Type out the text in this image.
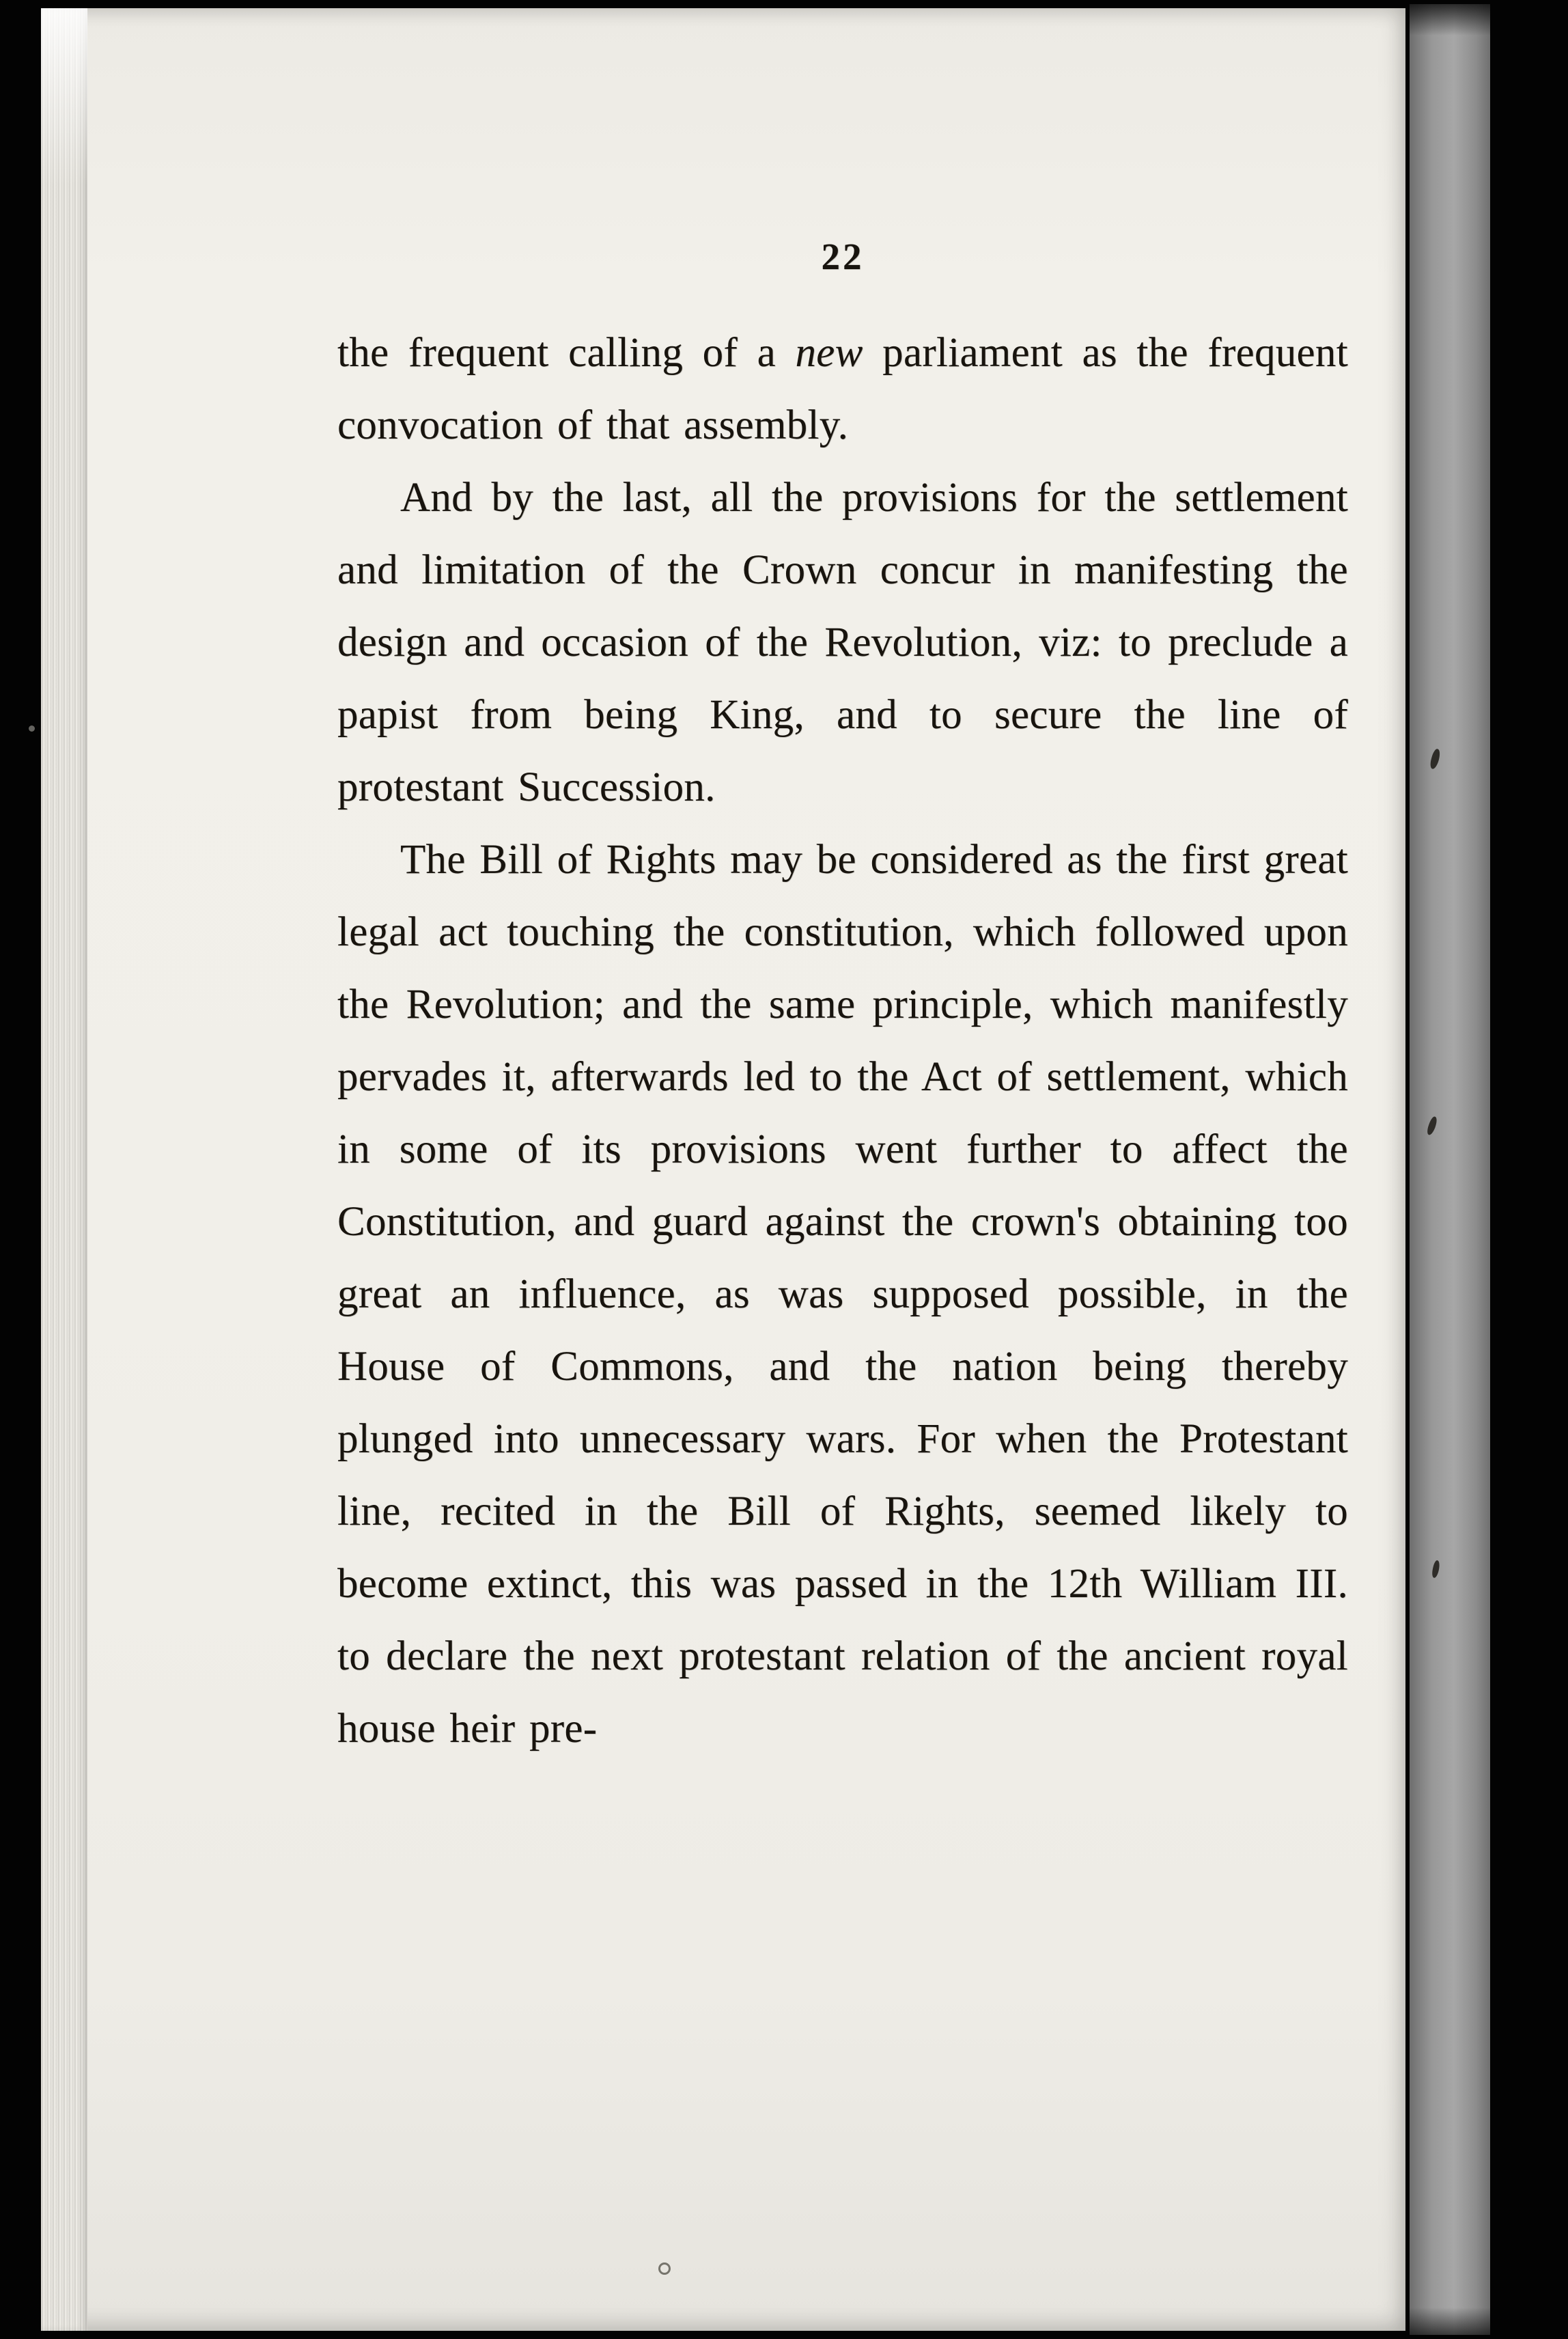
22

the frequent calling of a new parliament as the frequent convocation of that assembly.

And by the last, all the provisions for the settlement and limitation of the Crown concur in manifesting the design and occasion of the Revolution, viz: to preclude a papist from being King, and to secure the line of protestant Succession.

The Bill of Rights may be considered as the first great legal act touching the constitution, which followed upon the Revolution; and the same principle, which manifestly pervades it, afterwards led to the Act of settlement, which in some of its provisions went further to affect the Constitution, and guard against the crown's obtaining too great an influence, as was supposed possible, in the House of Commons, and the nation being thereby plunged into unnecessary wars. For when the Protestant line, recited in the Bill of Rights, seemed likely to become extinct, this was passed in the 12th William III. to declare the next protestant relation of the ancient royal house heir pre-
